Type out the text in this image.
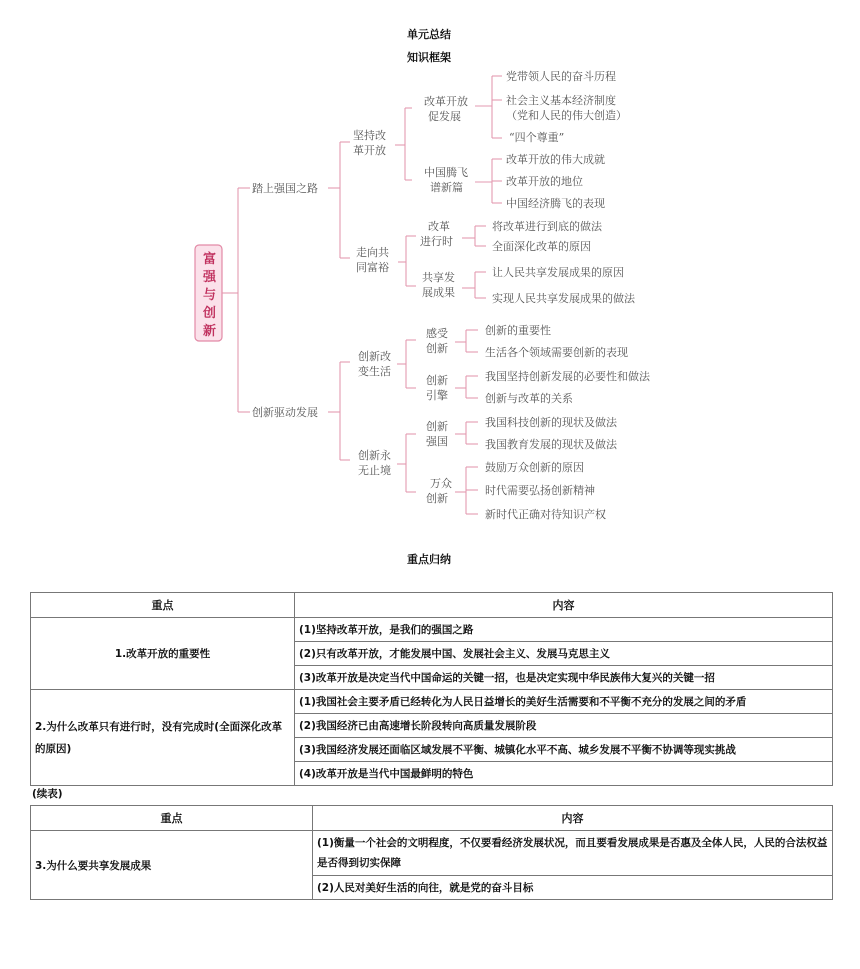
单元总结
知识框架
富
强
与
创
新
踏上强国之路
创新驱动发展
坚持改
革开放
走向共
同富裕
改革开放
促发展
中国腾飞
谱新篇
党带领人民的奋斗历程
社会主义基本经济制度
（党和人民的伟大创造）
“四个尊重”
改革开放的伟大成就
改革开放的地位
中国经济腾飞的表现
改革
进行时
共享发
展成果
将改革进行到底的做法
全面深化改革的原因
让人民共享发展成果的原因
实现人民共享发展成果的做法
创新改
变生活
创新永
无止境
感受
创新
创新
引擎
创新的重要性
生活各个领域需要创新的表现
我国坚持创新发展的必要性和做法
创新与改革的关系
创新
强国
万众
创新
我国科技创新的现状及做法
我国教育发展的现状及做法
鼓励万众创新的原因
时代需要弘扬创新精神
新时代正确对待知识产权
重点归纳
重点	内容
1.改革开放的重要性	(1)坚持改革开放，是我们的强国之路
	(2)只有改革开放，才能发展中国、发展社会主义、发展马克思主义
	(3)改革开放是决定当代中国命运的关键一招，也是决定实现中华民族伟大复兴的关键一招
2.为什么改革只有进行时，没有完成时(全面深化改革的原因)	(1)我国社会主要矛盾已经转化为人民日益增长的美好生活需要和不平衡不充分的发展之间的矛盾
	(2)我国经济已由高速增长阶段转向高质量发展阶段
	(3)我国经济发展还面临区域发展不平衡、城镇化水平不高、城乡发展不平衡不协调等现实挑战
	(4)改革开放是当代中国最鲜明的特色
(续表)
重点	内容
3.为什么要共享发展成果	(1)衡量一个社会的文明程度，不仅要看经济发展状况，而且要看发展成果是否惠及全体人民，人民的合法权益是否得到切实保障
	(2)人民对美好生活的向往，就是党的奋斗目标
